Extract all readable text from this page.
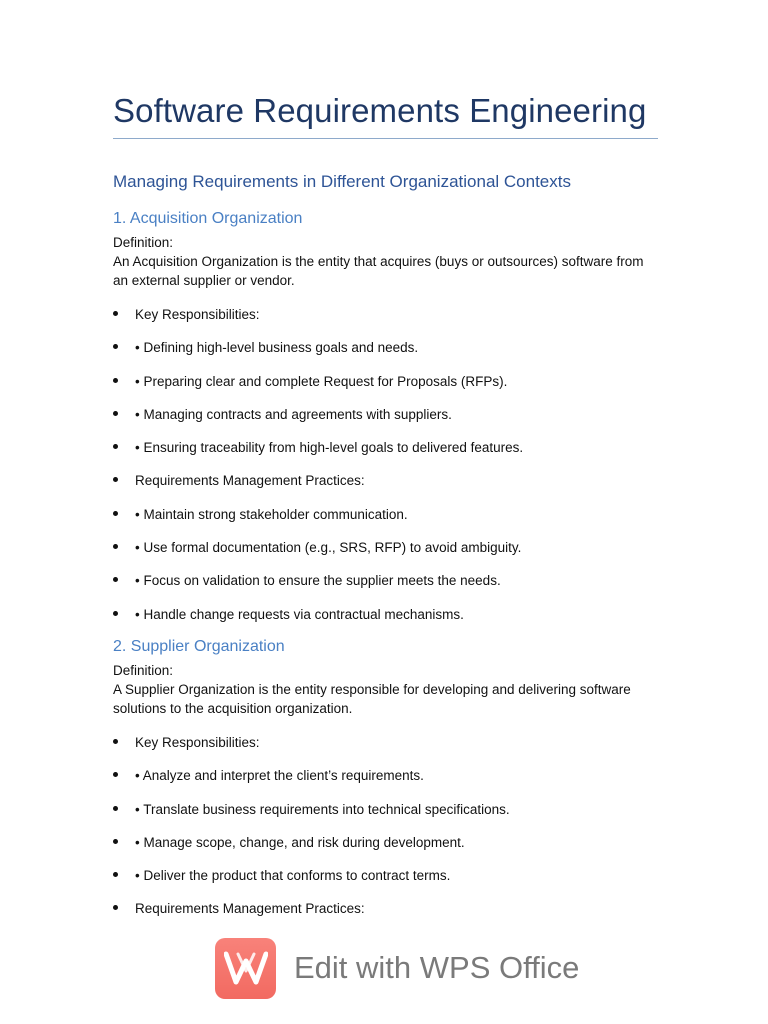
Software Requirements Engineering
Managing Requirements in Different Organizational Contexts
1. Acquisition Organization
Definition:
An Acquisition Organization is the entity that acquires (buys or outsources) software from an external supplier or vendor.
Key Responsibilities:
• Defining high-level business goals and needs.
• Preparing clear and complete Request for Proposals (RFPs).
• Managing contracts and agreements with suppliers.
• Ensuring traceability from high-level goals to delivered features.
Requirements Management Practices:
• Maintain strong stakeholder communication.
• Use formal documentation (e.g., SRS, RFP) to avoid ambiguity.
• Focus on validation to ensure the supplier meets the needs.
• Handle change requests via contractual mechanisms.
2. Supplier Organization
Definition:
A Supplier Organization is the entity responsible for developing and delivering software solutions to the acquisition organization.
Key Responsibilities:
• Analyze and interpret the client’s requirements.
• Translate business requirements into technical specifications.
• Manage scope, change, and risk during development.
• Deliver the product that conforms to contract terms.
Requirements Management Practices:
Edit with WPS Office
